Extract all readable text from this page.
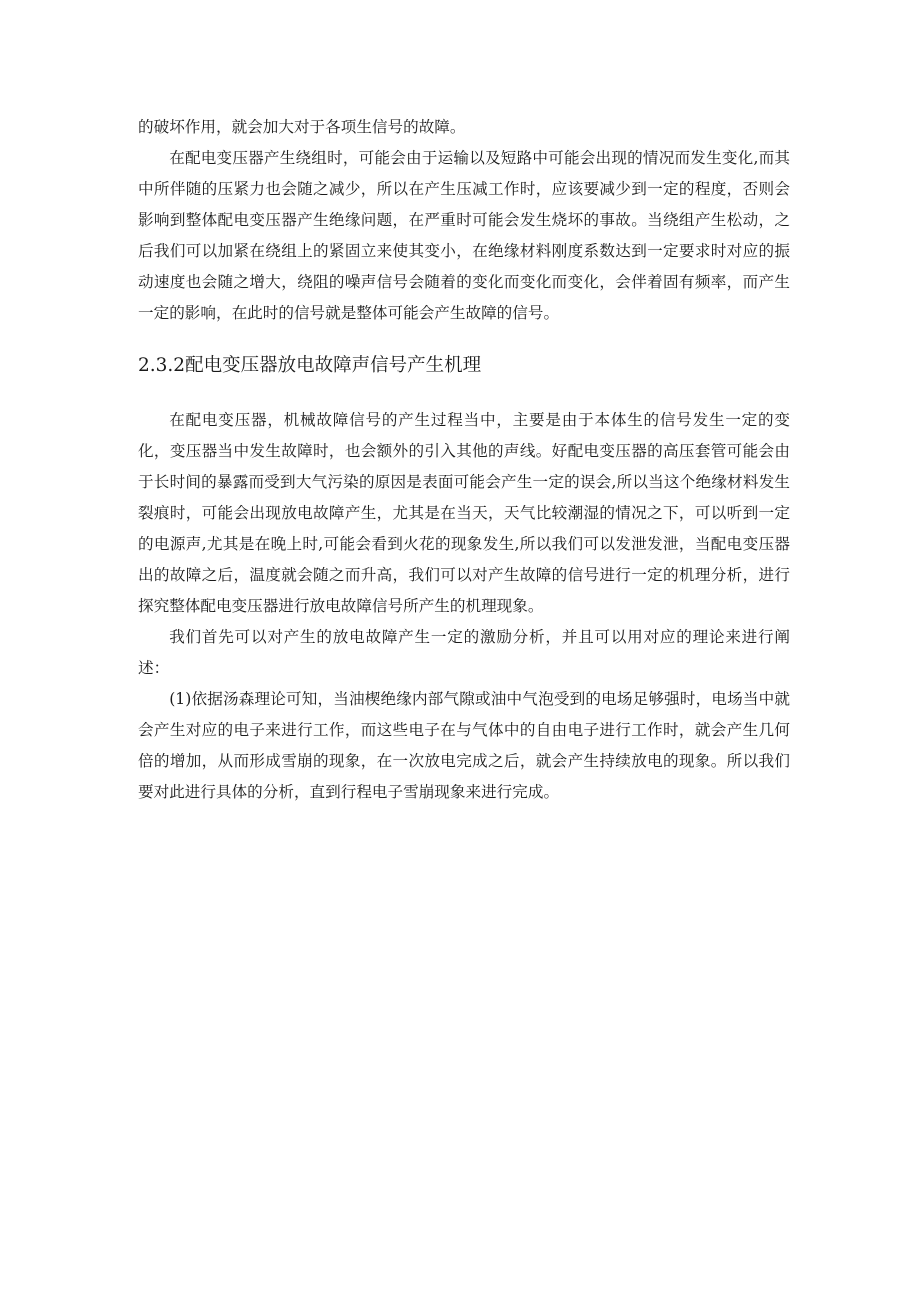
的破坏作用，就会加大对于各项生信号的故障。

在配电变压器产生绕组时，可能会由于运输以及短路中可能会出现的情况而发生变化,而其中所伴随的压紧力也会随之减少，所以在产生压减工作时，应该要减少到一定的程度，否则会影响到整体配电变压器产生绝缘问题，在严重时可能会发生烧坏的事故。当绕组产生松动，之后我们可以加紧在绕组上的紧固立来使其变小，在绝缘材料刚度系数达到一定要求时对应的振动速度也会随之增大，绕阻的噪声信号会随着的变化而变化而变化，会伴着固有频率，而产生一定的影响，在此时的信号就是整体可能会产生故障的信号。

2.3.2配电变压器放电故障声信号产生机理

在配电变压器，机械故障信号的产生过程当中，主要是由于本体生的信号发生一定的变化，变压器当中发生故障时，也会额外的引入其他的声线。好配电变压器的高压套管可能会由于长时间的暴露而受到大气污染的原因是表面可能会产生一定的误会,所以当这个绝缘材料发生裂痕时，可能会出现放电故障产生，尤其是在当天，天气比较潮湿的情况之下，可以听到一定的电源声,尤其是在晚上时,可能会看到火花的现象发生,所以我们可以发泄发泄，当配电变压器出的故障之后，温度就会随之而升高，我们可以对产生故障的信号进行一定的机理分析，进行探究整体配电变压器进行放电故障信号所产生的机理现象。

我们首先可以对产生的放电故障产生一定的激励分析，并且可以用对应的理论来进行阐述：

(1)依据汤森理论可知，当油楔绝缘内部气隙或油中气泡受到的电场足够强时，电场当中就会产生对应的电子来进行工作，而这些电子在与气体中的自由电子进行工作时，就会产生几何倍的增加，从而形成雪崩的现象，在一次放电完成之后，就会产生持续放电的现象。所以我们要对此进行具体的分析，直到行程电子雪崩现象来进行完成。
